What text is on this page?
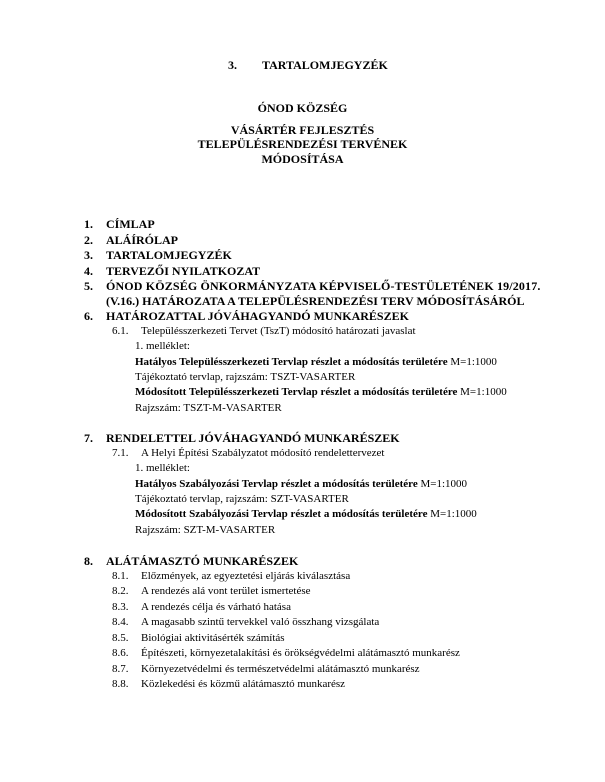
3. TARTALOMJEGYZÉK
ÓNOD KÖZSÉG
VÁSÁRTÉR FEJLESZTÉS
TELEPÜLÉSRENDEZÉSI TERVÉNEK
MÓDOSÍTÁSA
1. CÍMLAP
2. ALÁÍRÓLAP
3. TARTALOMJEGYZÉK
4. TERVEZŐI NYILATKOZAT
5. ÓNOD KÖZSÉG ÖNKORMÁNYZATA KÉPVISELŐ-TESTÜLETÉNEK 19/2017.
(V.16.) HATÁROZATA A TELEPÜLÉSRENDEZÉSI TERV MÓDOSÍTÁSÁRÓL
6. HATÁROZATTAL JÓVÁHAGYANDÓ MUNKARÉSZEK
6.1. Településszerkezeti Tervet (TszT) módosító határozati javaslat
1. melléklet:
Hatályos Településszerkezeti Tervlap részlet a módosítás területére M=1:1000
Tájékoztató tervlap, rajzszám: TSZT-VASARTER
Módosított Településszerkezeti Tervlap részlet a módosítás területére M=1:1000
Rajzszám: TSZT-M-VASARTER
7. RENDELETTEL JÓVÁHAGYANDÓ MUNKARÉSZEK
7.1. A Helyi Építési Szabályzatot módosító rendelettervezet
1. melléklet:
Hatályos Szabályozási Tervlap részlet a módosítás területére M=1:1000
Tájékoztató tervlap, rajzszám: SZT-VASARTER
Módosított Szabályozási Tervlap részlet a módosítás területére M=1:1000
Rajzszám: SZT-M-VASARTER
8. ALÁTÁMASZTÓ MUNKARÉSZEK
8.1. Előzmények, az egyeztetési eljárás kiválasztása
8.2. A rendezés alá vont terület ismertetése
8.3. A rendezés célja és várható hatása
8.4. A magasabb szintű tervekkel való összhang vizsgálata
8.5. Biológiai aktivitásérték számítás
8.6. Építészeti, környezetalakítási és örökségvédelmi alátámasztó munkarész
8.7. Környezetvédelmi és természetvédelmi alátámasztó munkarész
8.8. Közlekedési és közmű alátámasztó munkarész
